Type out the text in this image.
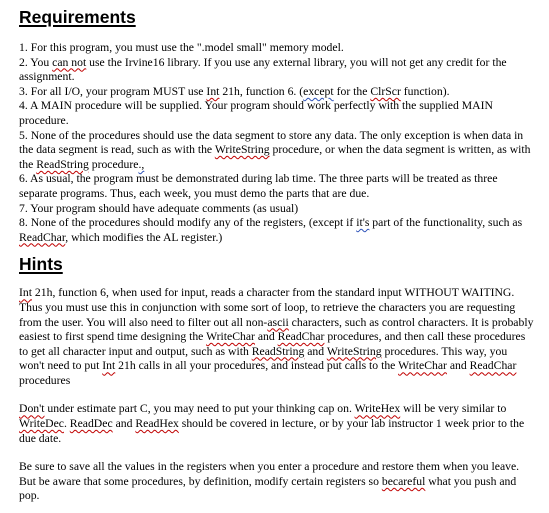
Requirements

1. For this program, you must use the ".model small" memory model.

2. You can not use the Irvine16 library. If you use any external library, you will not get any credit for the assignment.

3. For all I/O, your program MUST use Int 21h, function 6. (except for the ClrScr function).

4. A MAIN procedure will be supplied. Your program should work perfectly with the supplied MAIN procedure.

5. None of the procedures should use the data segment to store any data. The only exception is when data in the data segment is read, such as with the WriteString procedure, or when the data segment is written, as with the ReadString procedure.,

6. As usual, the program must be demonstrated during lab time. The three parts will be treated as three separate programs. Thus, each week, you must demo the parts that are due.

7. Your program should have adequate comments (as usual)

8. None of the procedures should modify any of the registers, (except if it's part of the functionality, such as ReadChar, which modifies the AL register.)

Hints

Int 21h, function 6, when used for input, reads a character from the standard input WITHOUT WAITING. Thus you must use this in conjunction with some sort of loop, to retrieve the characters you are requesting from the user. You will also need to filter out all non-ascii characters, such as control characters. It is probably easiest to first spend time designing the WriteChar and ReadChar procedures, and then call these procedures to get all character input and output, such as with ReadString and WriteString procedures. This way, you won't need to put Int 21h calls in all your procedures, and instead put calls to the WriteChar and ReadChar procedures

Don't under estimate part C, you may need to put your thinking cap on. WriteHex will be very similar to WriteDec. ReadDec and ReadHex should be covered in lecture, or by your lab instructor 1 week prior to the due date.

Be sure to save all the values in the registers when you enter a procedure and restore them when you leave. But be aware that some procedures, by definition, modify certain registers so becareful what you push and pop.
